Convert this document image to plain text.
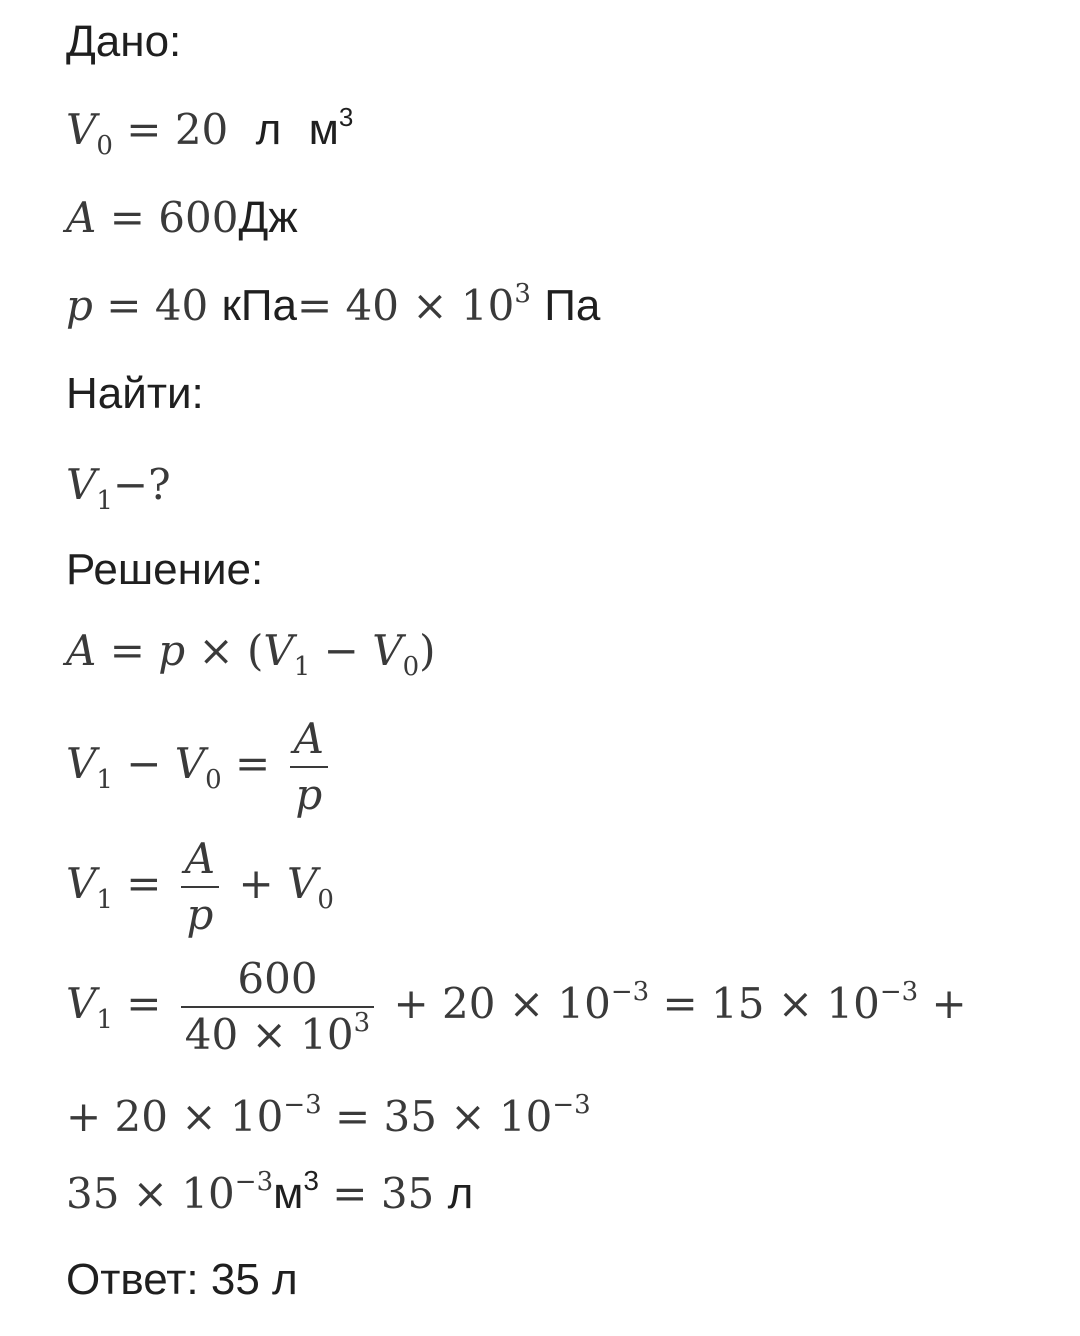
Дано:
$V_0 = 20$ л $м^3$
A = 600Дж
p = 40 $кПа= 40 \times 10^3$ Па
Найти:
$V_1-$?
Решение:
$A = p \times (V_1 - V_0)$
$V_1 - V_0 = \frac{A}{p}$
$V_1 = \frac{A}{p} + V_0$
$V_1 = \frac{600}{40 \times 10^3} + 20 \times 10^{-3} = 15 \times 10^{-3}$ +
+ $20 \times 10^{-3} = 35 \times 10^{-3}$
$35 \times 10^{-3}м^3 = 35$ л
Ответ: 35 л
